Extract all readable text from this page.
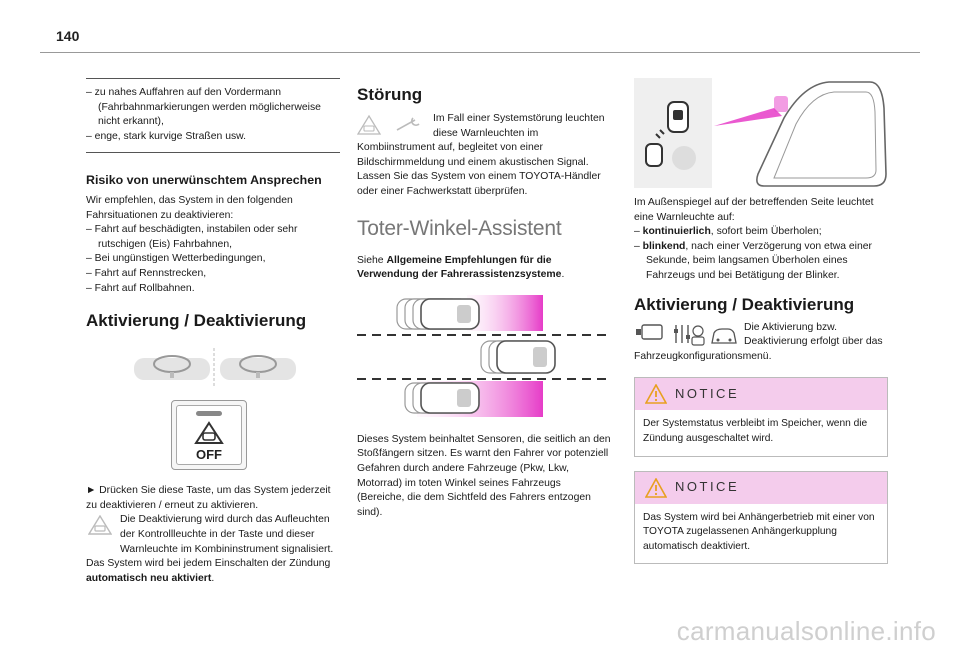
140

– zu nahes Auffahren auf den Vordermann (Fahrbahnmarkierungen werden möglicherweise nicht erkannt),

– enge, stark kurvige Straßen usw.

Risiko von unerwünschtem Ansprechen

Wir empfehlen, das System in den folgenden Fahrsituationen zu deaktivieren:

– Fahrt auf beschädigten, instabilen oder sehr rutschigen (Eis) Fahrbahnen,

– Bei ungünstigen Wetterbedingungen,

– Fahrt auf Rennstrecken,

– Fahrt auf Rollbahnen.

Aktivierung / Deaktivierung

OFF

► Drücken Sie diese Taste, um das System jederzeit zu deaktivieren / erneut zu aktivieren.

Die Deaktivierung wird durch das Aufleuchten der Kontrollleuchte in der Taste und dieser Warnleuchte im Kombininstrument signalisiert.

Das System wird bei jedem Einschalten der Zündung automatisch neu aktiviert.

Störung

Im Fall einer Systemstörung leuchten diese Warnleuchten im Kombiinstrument auf, begleitet von einer Bildschirmmeldung und einem akustischen Signal. Lassen Sie das System von einem TOYOTA-Händler oder einer Fachwerkstatt überprüfen.

Toter-Winkel-Assistent

Siehe Allgemeine Empfehlungen für die Verwendung der Fahrerassistenzsysteme.

Dieses System beinhaltet Sensoren, die seitlich an den Stoßfängern sitzen. Es warnt den Fahrer vor potenziell Gefahren durch andere Fahrzeuge (Pkw, Lkw, Motorrad) im toten Winkel seines Fahrzeugs (Bereiche, die dem Sichtfeld des Fahrers entzogen sind).

Im Außenspiegel auf der betreffenden Seite leuchtet eine Warnleuchte auf:

– kontinuierlich, sofort beim Überholen;

– blinkend, nach einer Verzögerung von etwa einer Sekunde, beim langsamen Überholen eines Fahrzeugs und bei Betätigung der Blinker.

Aktivierung / Deaktivierung

Die Aktivierung bzw. Deaktivierung erfolgt über das Fahrzeugkonfigurationsmenü.
NOTICE
Der Systemstatus verbleibt im Speicher, wenn die Zündung ausgeschaltet wird.
NOTICE
Das System wird bei Anhängerbetrieb mit einer von TOYOTA zugelassenen Anhängerkupplung automatisch deaktiviert.
carmanualsonline.info
